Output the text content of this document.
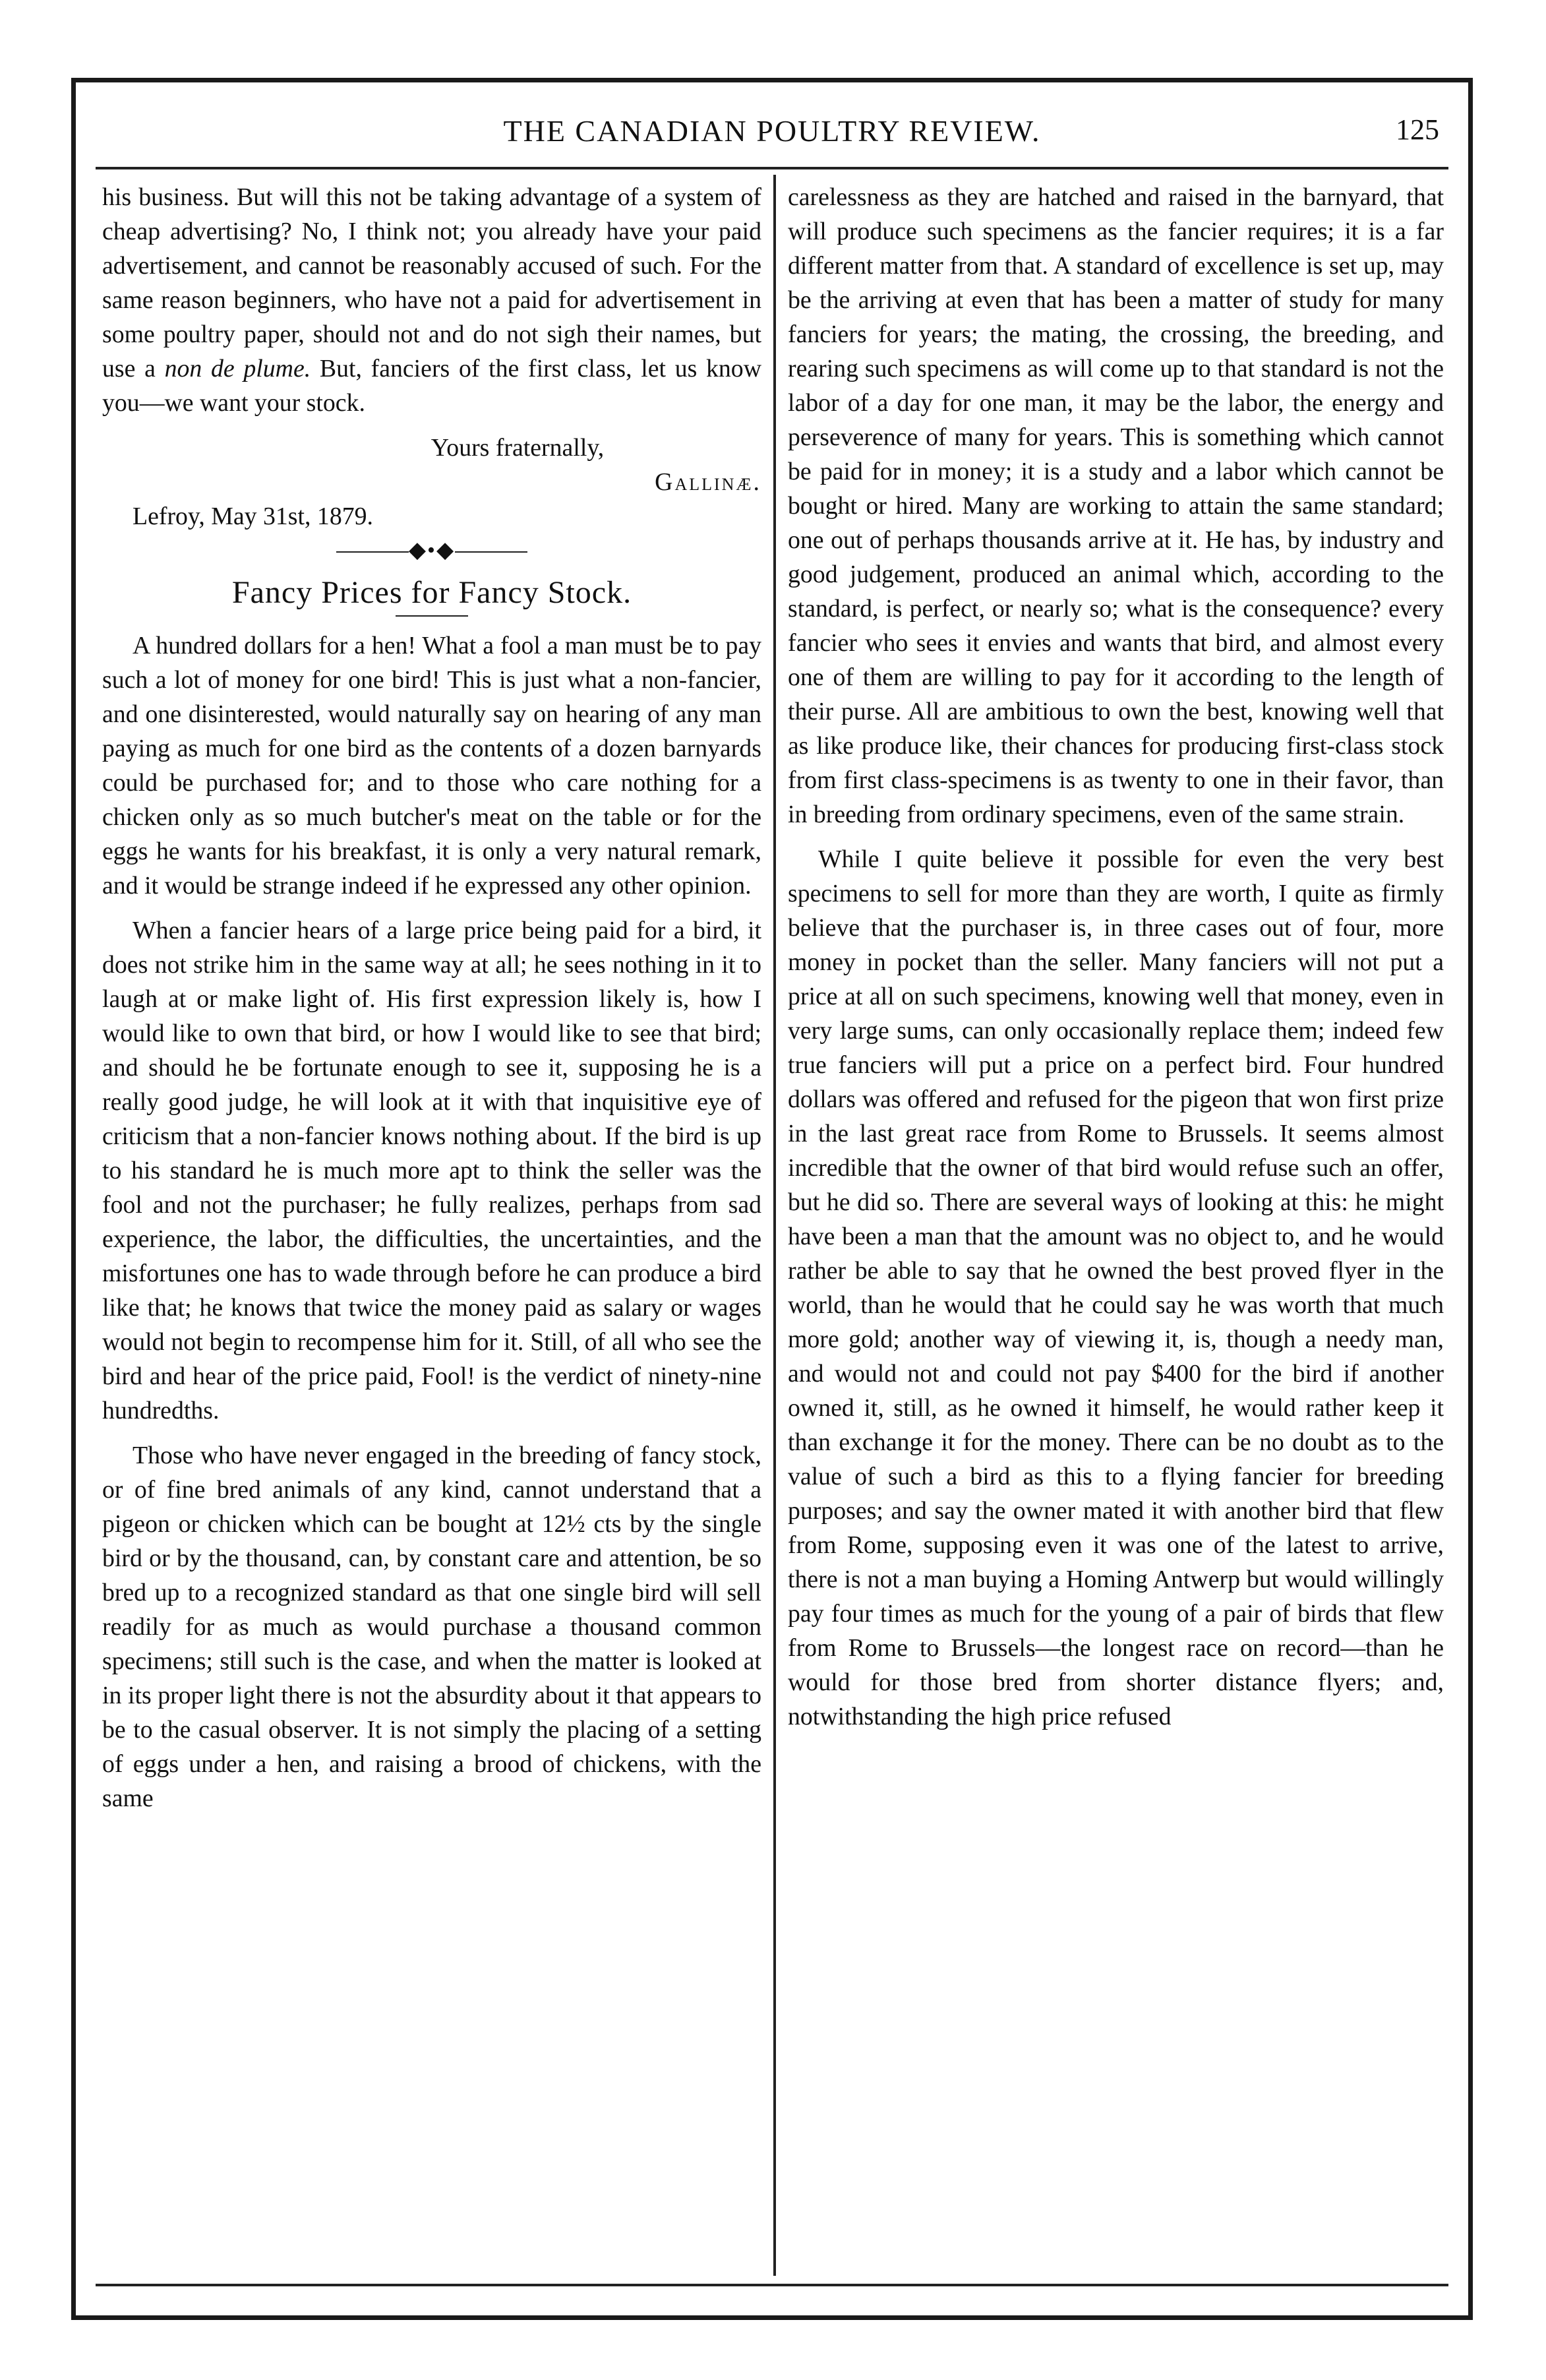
THE CANADIAN POULTRY REVIEW.	125

his business. But will this not be taking advantage of a system of cheap advertising? No, I think not; you already have your paid advertisement, and cannot be reasonably accused of such. For the same reason beginners, who have not a paid for advertisement in some poultry paper, should not and do not sigh their names, but use a non de plume. But, fanciers of the first class, let us know you—we want your stock.

Yours fraternally,

Gallinæ.

Lefroy, May 31st, 1879.

◆•◆

Fancy Prices for Fancy Stock.

A hundred dollars for a hen! What a fool a man must be to pay such a lot of money for one bird! This is just what a non-fancier, and one disinterested, would naturally say on hearing of any man paying as much for one bird as the contents of a dozen barnyards could be purchased for; and to those who care nothing for a chicken only as so much butcher's meat on the table or for the eggs he wants for his breakfast, it is only a very natural remark, and it would be strange indeed if he expressed any other opinion.

When a fancier hears of a large price being paid for a bird, it does not strike him in the same way at all; he sees nothing in it to laugh at or make light of. His first expression likely is, how I would like to own that bird, or how I would like to see that bird; and should he be fortunate enough to see it, supposing he is a really good judge, he will look at it with that inquisitive eye of criticism that a non-fancier knows nothing about. If the bird is up to his standard he is much more apt to think the seller was the fool and not the purchaser; he fully realizes, perhaps from sad experience, the labor, the difficulties, the uncertainties, and the misfortunes one has to wade through before he can produce a bird like that; he knows that twice the money paid as salary or wages would not begin to recompense him for it. Still, of all who see the bird and hear of the price paid, Fool! is the verdict of ninety-nine hundredths.

Those who have never engaged in the breeding of fancy stock, or of fine bred animals of any kind, cannot understand that a pigeon or chicken which can be bought at 12½ cts by the single bird or by the thousand, can, by constant care and attention, be so bred up to a recognized standard as that one single bird will sell readily for as much as would purchase a thousand common specimens; still such is the case, and when the matter is looked at in its proper light there is not the absurdity about it that appears to be to the casual observer. It is not simply the placing of a setting of eggs under a hen, and raising a brood of chickens, with the same

carelessness as they are hatched and raised in the barnyard, that will produce such specimens as the fancier requires; it is a far different matter from that. A standard of excellence is set up, may be the arriving at even that has been a matter of study for many fanciers for years; the mating, the crossing, the breeding, and rearing such specimens as will come up to that standard is not the labor of a day for one man, it may be the labor, the energy and perseverence of many for years. This is something which cannot be paid for in money; it is a study and a labor which cannot be bought or hired. Many are working to attain the same standard; one out of perhaps thousands arrive at it. He has, by industry and good judgement, produced an animal which, according to the standard, is perfect, or nearly so; what is the consequence? every fancier who sees it envies and wants that bird, and almost every one of them are willing to pay for it according to the length of their purse. All are ambitious to own the best, knowing well that as like produce like, their chances for producing first-class stock from first class-specimens is as twenty to one in their favor, than in breeding from ordinary specimens, even of the same strain.

While I quite believe it possible for even the very best specimens to sell for more than they are worth, I quite as firmly believe that the purchaser is, in three cases out of four, more money in pocket than the seller. Many fanciers will not put a price at all on such specimens, knowing well that money, even in very large sums, can only occasionally replace them; indeed few true fanciers will put a price on a perfect bird. Four hundred dollars was offered and refused for the pigeon that won first prize in the last great race from Rome to Brussels. It seems almost incredible that the owner of that bird would refuse such an offer, but he did so. There are several ways of looking at this: he might have been a man that the amount was no object to, and he would rather be able to say that he owned the best proved flyer in the world, than he would that he could say he was worth that much more gold; another way of viewing it, is, though a needy man, and would not and could not pay $400 for the bird if another owned it, still, as he owned it himself, he would rather keep it than exchange it for the money. There can be no doubt as to the value of such a bird as this to a flying fancier for breeding purposes; and say the owner mated it with another bird that flew from Rome, supposing even it was one of the latest to arrive, there is not a man buying a Homing Antwerp but would willingly pay four times as much for the young of a pair of birds that flew from Rome to Brussels—the longest race on record—than he would for those bred from shorter distance flyers; and, notwithstanding the high price refused
